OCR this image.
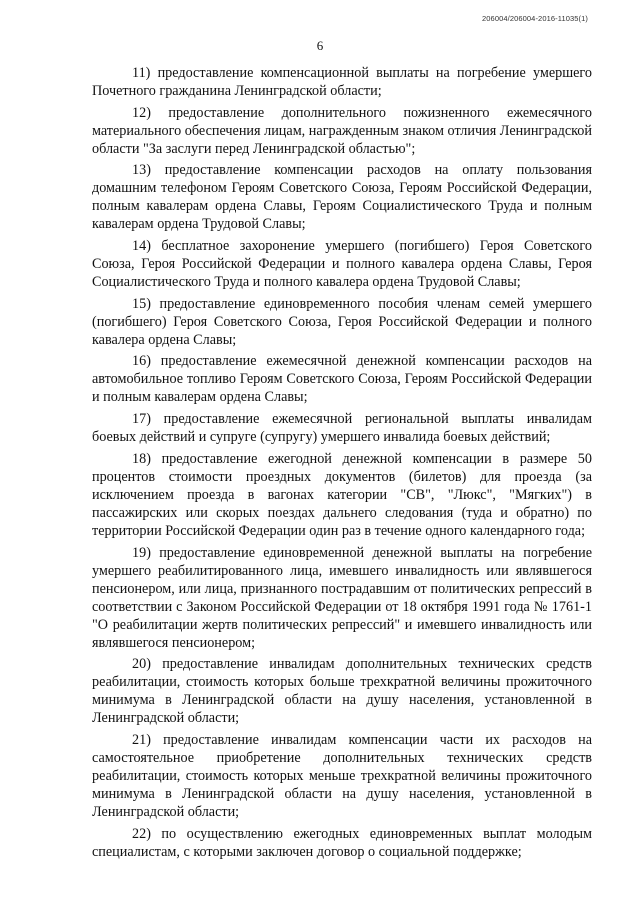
206004/206004-2016-11035(1)
6

11) предоставление компенсационной выплаты на погребение умершего Почетного гражданина Ленинградской области;

12) предоставление дополнительного пожизненного ежемесячного материального обеспечения лицам, награжденным знаком отличия Ленинградской области "За заслуги перед Ленинградской областью";

13) предоставление компенсации расходов на оплату пользования домашним телефоном Героям Советского Союза, Героям Российской Федерации, полным кавалерам ордена Славы, Героям Социалистического Труда и полным кавалерам ордена Трудовой Славы;

14) бесплатное захоронение умершего (погибшего) Героя Советского Союза, Героя Российской Федерации и полного кавалера ордена Славы, Героя Социалистического Труда и полного кавалера ордена Трудовой Славы;

15) предоставление единовременного пособия членам семей умершего (погибшего) Героя Советского Союза, Героя Российской Федерации и полного кавалера ордена Славы;

16) предоставление ежемесячной денежной компенсации расходов на автомобильное топливо Героям Советского Союза, Героям Российской Федерации и полным кавалерам ордена Славы;

17) предоставление ежемесячной региональной выплаты инвалидам боевых действий и супруге (супругу) умершего инвалида боевых действий;

18) предоставление ежегодной денежной компенсации в размере 50 процентов стоимости проездных документов (билетов) для проезда (за исключением проезда в вагонах категории "СВ", "Люкс", "Мягких") в пассажирских или скорых поездах дальнего следования (туда и обратно) по территории Российской Федерации один раз в течение одного календарного года;

19) предоставление единовременной денежной выплаты на погребение умершего реабилитированного лица, имевшего инвалидность или являвшегося пенсионером, или лица, признанного пострадавшим от политических репрессий в соответствии с Законом Российской Федерации от 18 октября 1991 года № 1761-1 "О реабилитации жертв политических репрессий" и имевшего инвалидность или являвшегося пенсионером;

20) предоставление инвалидам дополнительных технических средств реабилитации, стоимость которых больше трехкратной величины прожиточного минимума в Ленинградской области на душу населения, установленной в Ленинградской области;

21) предоставление инвалидам компенсации части их расходов на самостоятельное приобретение дополнительных технических средств реабилитации, стоимость которых меньше трехкратной величины прожиточного минимума в Ленинградской области на душу населения, установленной в Ленинградской области;

22) по осуществлению ежегодных единовременных выплат молодым специалистам, с которыми заключен договор о социальной поддержке;
